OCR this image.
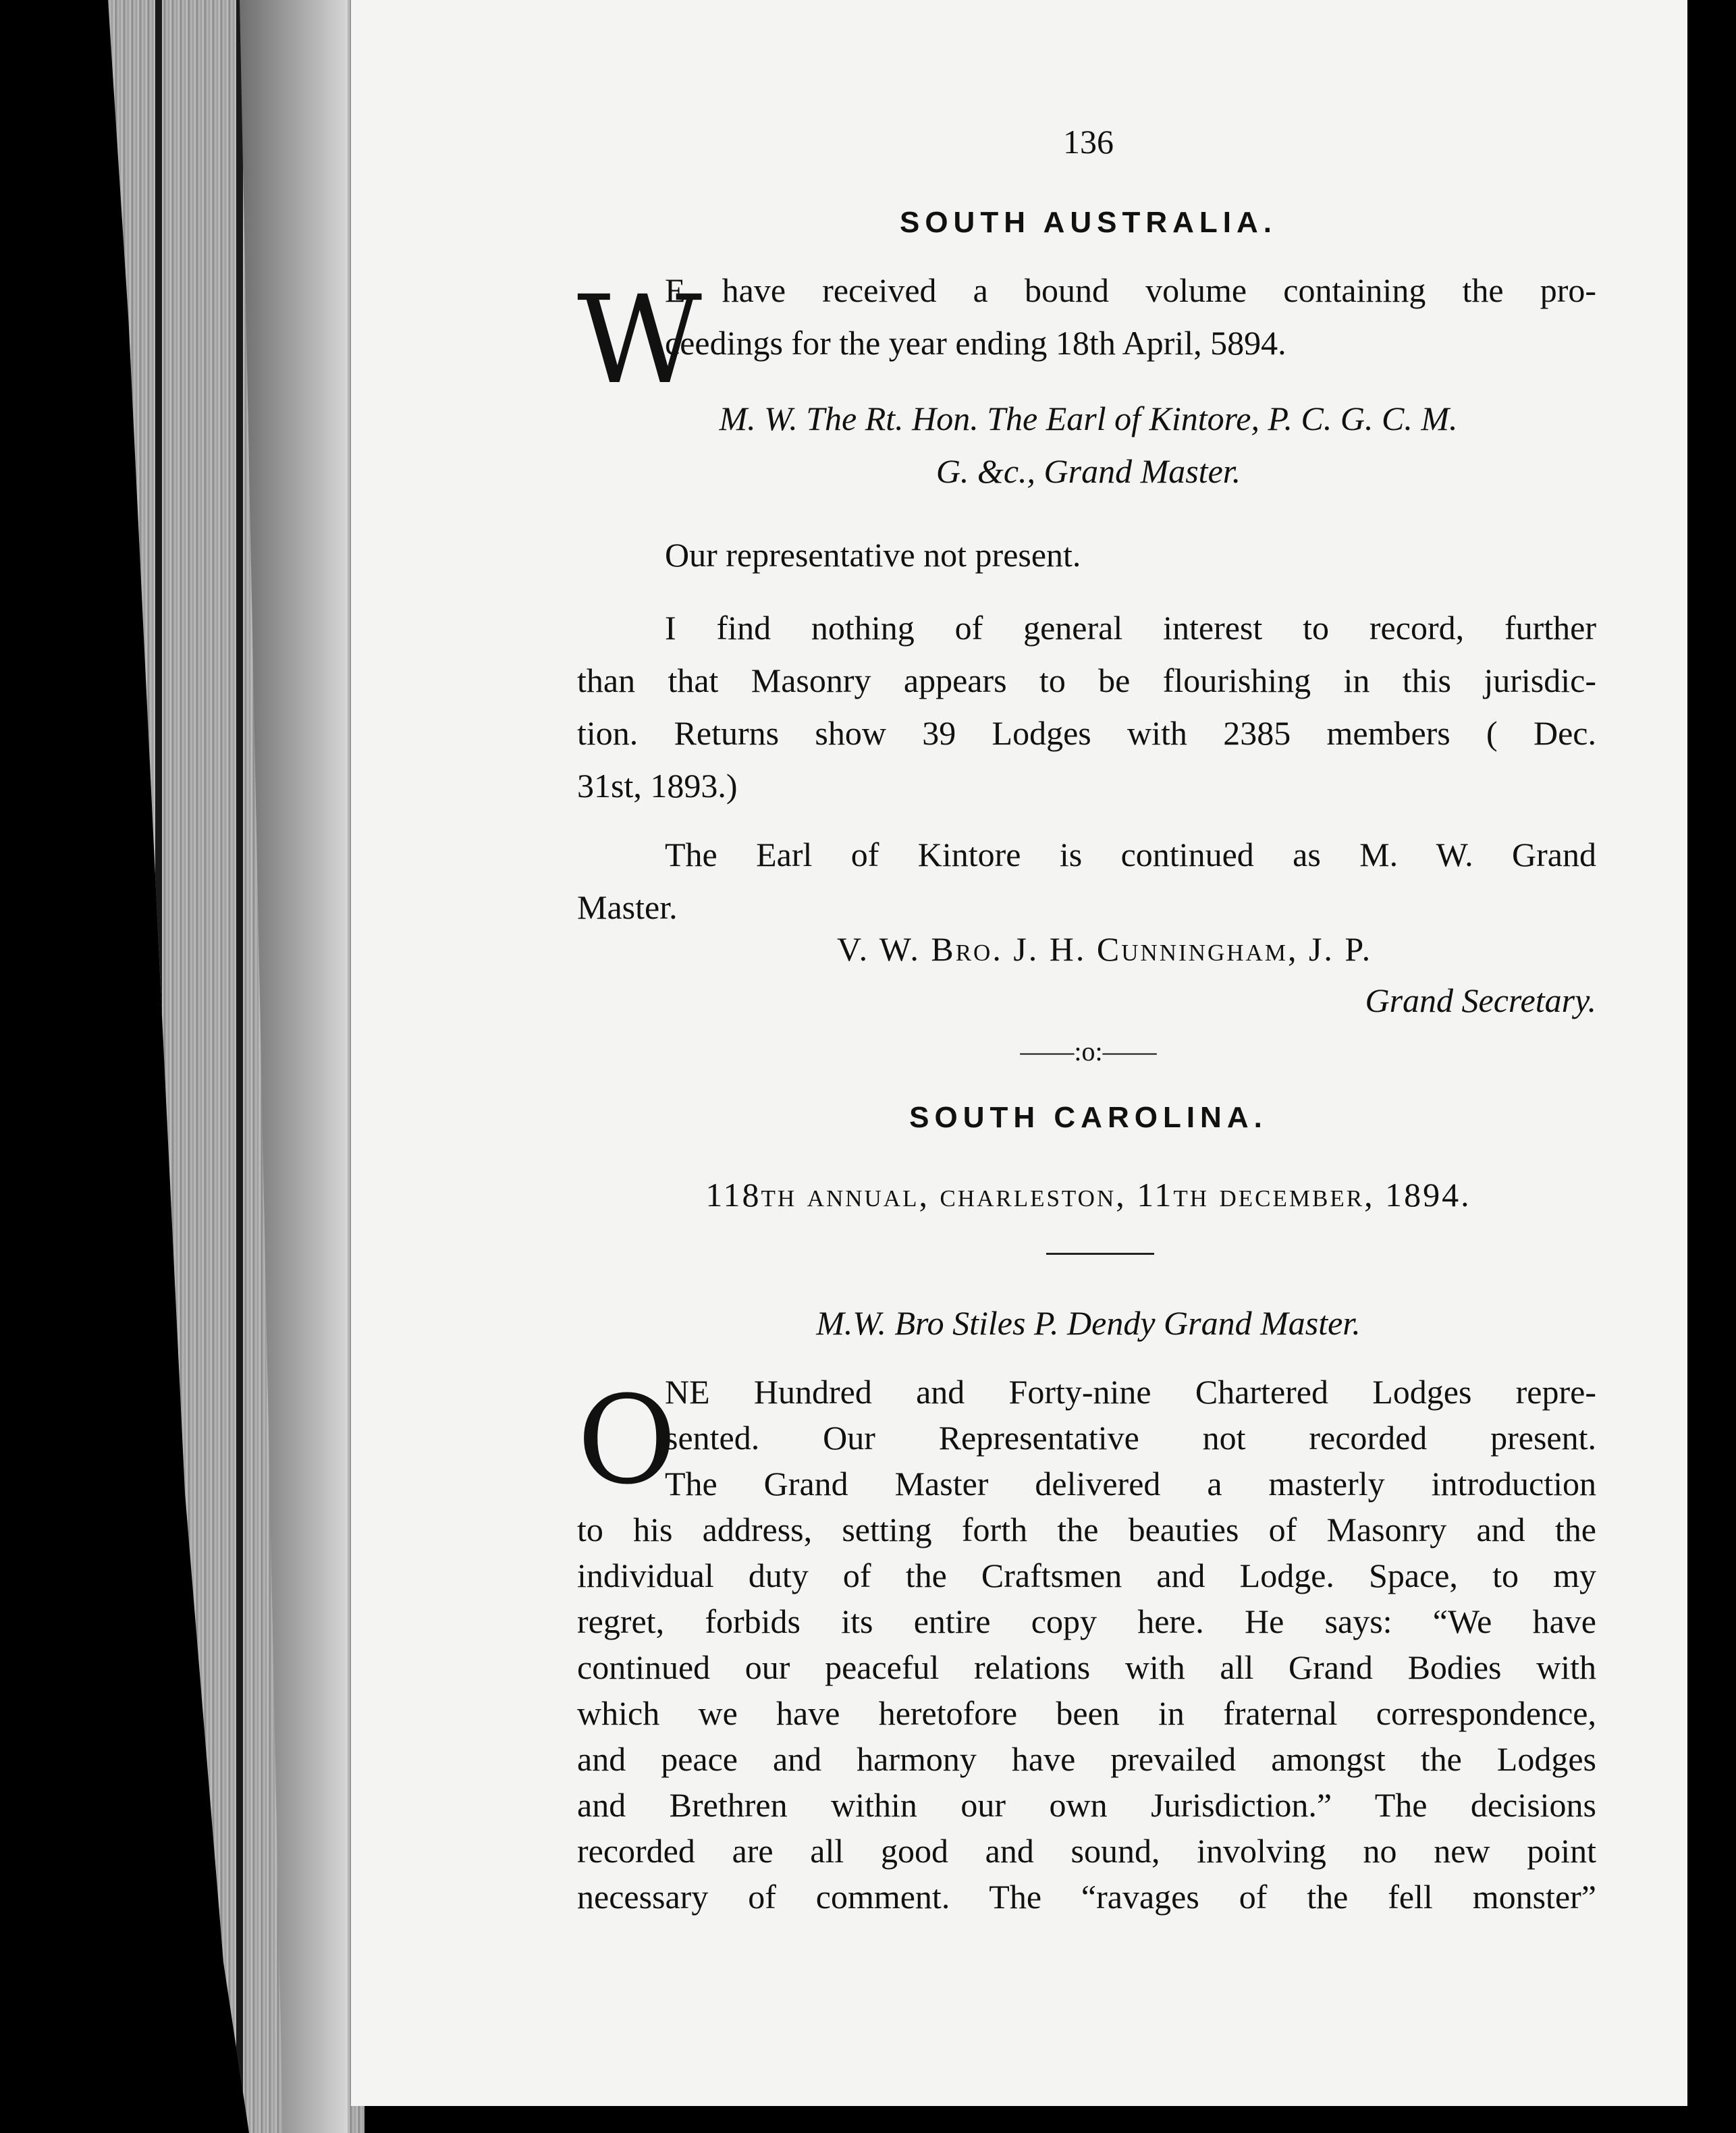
136
SOUTH AUSTRALIA.
W
E have received a bound volume containing the pro-
ceedings for the year ending 18th April, 5894.
M. W. The Rt. Hon. The Earl of Kintore, P. C. G. C. M.
G. &c., Grand Master.
Our representative not present.
I find nothing of general interest to record, further
than that Masonry appears to be flourishing in this jurisdic-
tion. Returns show 39 Lodges with 2385 members ( Dec.
31st, 1893.)
The Earl of Kintore is continued as M. W. Grand
Master.
V. W. Bro. J. H. Cunningham, J. P.
Grand Secretary.
——:o:——
SOUTH CAROLINA.
118th annual, charleston, 11th december, 1894.
M.W. Bro Stiles P. Dendy Grand Master.
O
NE Hundred and Forty-nine Chartered Lodges repre-
sented. Our Representative not recorded present.
The Grand Master delivered a masterly introduction
to his address, setting forth the beauties of Masonry and the
individual duty of the Craftsmen and Lodge. Space, to my
regret, forbids its entire copy here. He says: “We have
continued our peaceful relations with all Grand Bodies with
which we have heretofore been in fraternal correspondence,
and peace and harmony have prevailed amongst the Lodges
and Brethren within our own Jurisdiction.” The decisions
recorded are all good and sound, involving no new point
necessary of comment. The “ravages of the fell monster”
